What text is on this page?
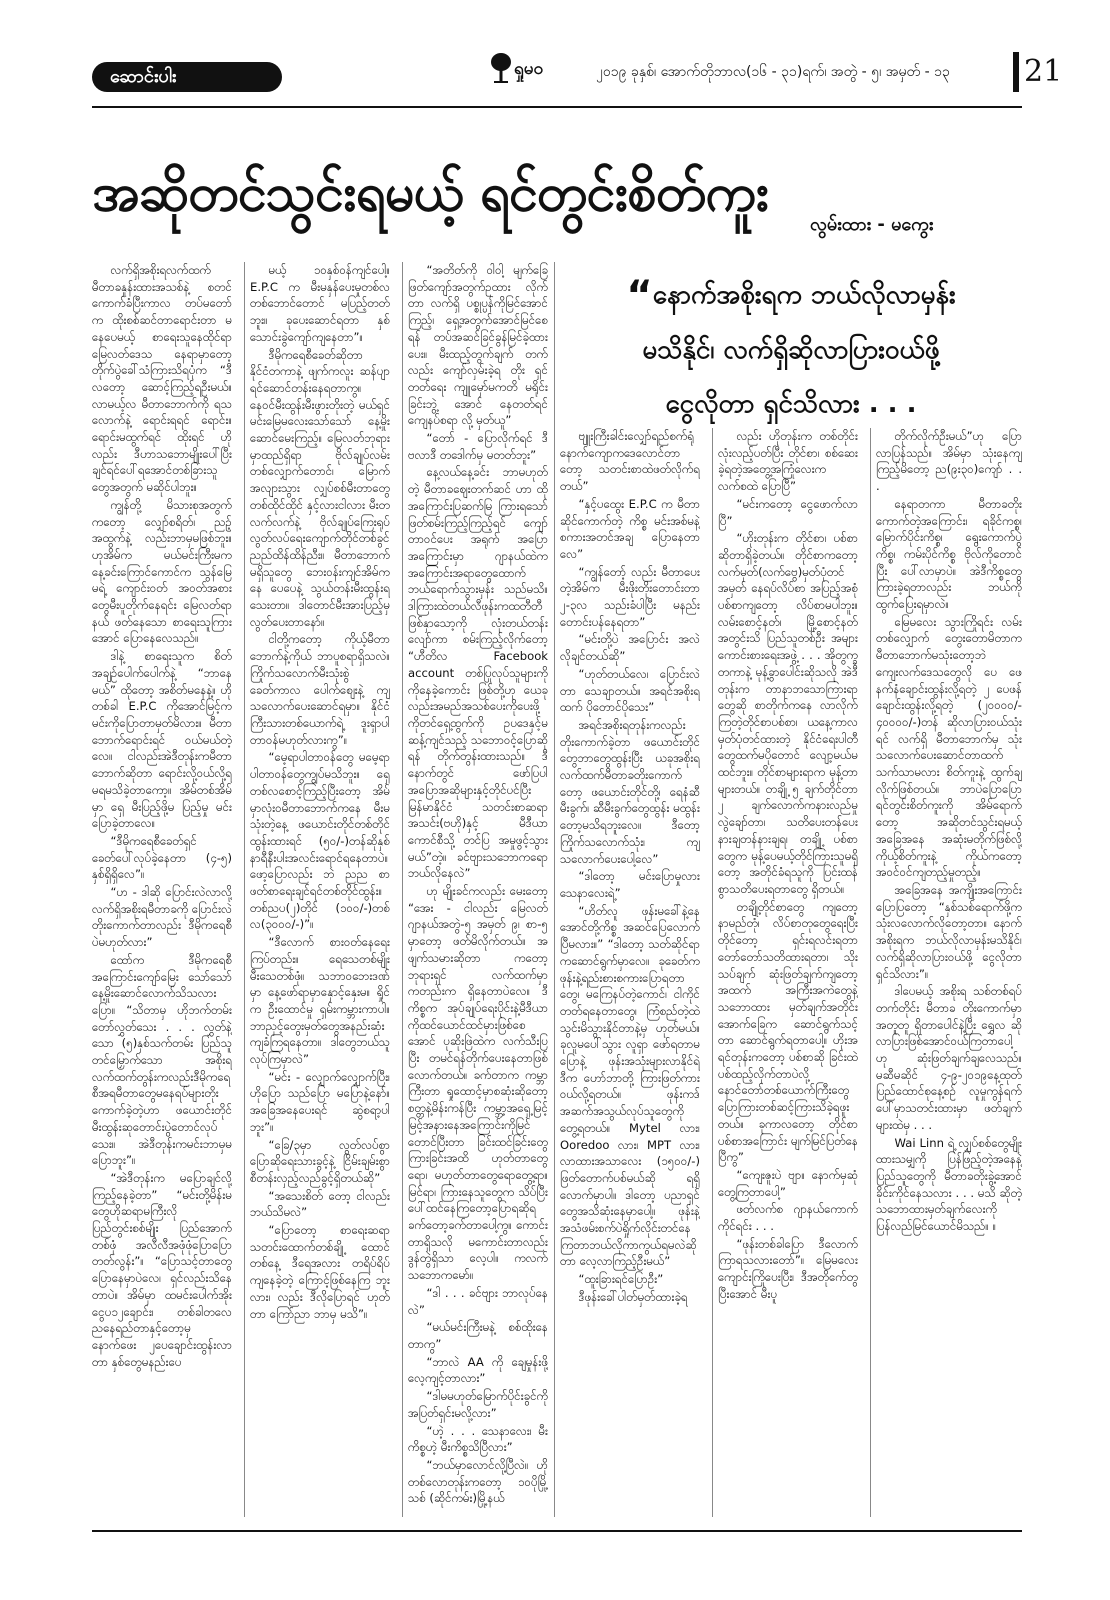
ဆောင်းပါး	ရှုမဝ	၂၀၁၉ ခုနှစ်၊ အောက်တိုဘာလ(၁၆ - ၃၁)ရက်၊ အတွဲ - ၅၊ အမှတ် - ၁၃ 21
အဆိုတင်သွင်းရမယ့် ရင်တွင်းစိတ်ကူး
လွမ်းထား - မကွေး
“နောက်အစိုးရက ဘယ်လိုလာမှန်း
မသိနိုင်၊ လက်ရှိဆိုလာပြားဝယ်ဖို့
ငွေလိုတာ ရှင်သိလား . . .

လက်ရှိအစိုးရလက်ထက် မီတာခနှုန်းထားအသစ်နဲ့ စတင်ကောက်ခံပြီးကာလ တပ်မတော်က ထိုးစစ်ဆင်တာရောင်းတာ မနေပေမယ့် စာရေးသူနေထိုင်ရာ မြေလတ်ဒေသ နေရာမှာတော့ တိုက်ပွဲခေါ်သံကြားသိရပုံက “ဒီလတော့ ဆောင့်ကြည့်ရဦးမယ်။ လာမယ့်လ မီတာဘောက်ကို ရသလောက်နဲ့ ရောင်းရရင် ရောင်း။ ရောင်းမထွက်ရင် ထိုးရင် ဟိုလည်း ဒီဟာသဘောမျိုးပေါ်ပြီး ချင်ရင်ပေါ်ရအောင်တစ်ခြားသူတွေအတွက် မဆိုင်ပါဘူး။

ကျွန်တို့ မိသားစုအတွက်ကတော့ လျှော်စရိတ်၊ ညဉ့်အထွက်နဲ့ လည်းဘာမှမဖြစ်ဘူး။ ဟုအိမ်က မယ်မင်းကြီးမက နေ့ခင်းကြောင်ကောင်က သွန်မြေမရဲ့ ကျောင်းဝတ် အဝတ်အစားတွေမီးပူတိုက်နေရင်း မြေလတ်ရာနယ် ဖတ်နေသော စာရေးသူကြားအောင် ပြောနေလေသည်။

ဒါနဲ့ စာရေးသူက စိတ်အချဉ်ပေါက်ပေါက်နဲ့ “ဘာနေမယ်” ထိုတော့ အစိတ်မနေနဲ့။ ဟိုတစ်ခါ E.P.C ကိုအောင်မြင့်က မင်းကိုပြောတာမှတ်မိလား။ မီတာဘောက်ရောင်းရင် ဝယ်မယ်တဲ့လေ။ ငါလည်းအဲဒီတုန်းကမီတာဘောက်ဆိုတာ ရောင်းလို့ဝယ်လို့ရမရမသိခဲ့တာကော့။ အိမ်တစ်အိမ်မှာ ရှေ မီးပြည့်ဖို့မ ပြည့်မှု မင်းပြောခဲ့တာလေ။

“ဒီမိုကရေစီခေတ်ရှင်ခေတ်ပေါ်လုပ်ခဲ့နေတာ (၄-၅) နှစ်ရှိရှိလေ”။

“ဟ - ဒါဆို ပြောင်းလဲလာလို့ လက်ရှိအစိုးရမီတာခကို ပြောင်းလဲတိုးကောက်တာလည်း ဒီမိုကရေစီပဲမဟုတ်လား”

ထော်က ဒီမိုကရေစီအကြောင်းကျော်မြေး သော်သော် နေ့မှိုးဆောင်လောက်သိသလားပြော။ “သိတာမှ ဟိုဘက်တမ်းတော်လွှတ်သေး . . . လွှတ်နဲ့သော (၅)နှစ်သက်တမ်း ပြည်သူတင်မြှောက်သော အစိုးရလက်ထက်တွန်းကလည်းဒီမိုကရေစီအရမီတာတွေမနေရပ်များတိုးကောက်ခဲ့တဲ့ဟာ ဖယောင်းတိုင်မီးထွန်းဆုတောင်းပွဲတောင်လုပ်သေး။ အဲဒီတုန်းကမင်းဘာမှမပြောဘူး”။

“အဲဒီတုန်းက မပြောချင်လို့ ကြည့်နေခဲ့တာ” “မင်းတို့မိန်းမတွေဟိုဆရာမကြီးလို ပြည်တွင်းစစ်မျိုး ပြည်အောက်တစ်ဖုံ အလီလီအဖုံဖုံပြောပြောတတ်လွန်း”။ “ပြောသင့်တာတွေပြောနေမှာပဲလေ၊ ရှင်လည်းသိနေတာပဲ။ အိမ်မှာ ထမင်းပေါက်အိုးငွေပ၁၂ချောင်း၊ တစ်ခါတလေညနေရည်တာနှင့်တော့မှနောက်ဖေး ၂ပေချောင်းထွန်းလာတာ နှစ်တွေမနည်းပေ

မယ့် ၁၀နှစ်ဝန်ကျင်ပေါ့။ E.P.C က မီးမနှန်ပေးမှုတစ်လတစ်ဘောင်တောင် မပြည့်တတ်ဘူး။ ခုပေးဆောင်ရတာ နှစ်သောင်းခွဲကျော်ကျနေတာ”။

ဒီမိုကရေစီခေတ်ဆိုတာ နိုင်ငံတကာနဲ့ ဖျက်ကလူး ဆန်ပျာရင်ဆောင်တန်းနေရတာကွ။ နေဝင်မီးထွန်းမီးဖွားတိုးတဲ့ မယ်ရှင် မင်းမြေမလေးသော်သော် နေ့မှိုးဆောင်မေးကြည့်။ မြေလတ်ဘုရားမှာထည်ရှိရာ ဗိုလ်ချုပ်လမ်းတစ်လျှောက်တောင်၊ မြောက် အလျားသွား လျှပ်စစ်မီးတာတွေ တစ်ထိုင်ထိုင် နှင့်လားငါလား မီးတလက်လက်နဲ့ ဗိုလ်ချုပ်ကြေးရုပ် လွတ်လပ်ရေးကျောက်တိုင်တစ်ခွင်ညည်ထိန်ထိန်ညီး။ မီတာဘောက်မရှိသူတွေ ဘေးဝန်းကျင်အိမ်ကနေ ပေပေနဲ့ သွယ်တန်းမီးထွန်းရသေးတာ။ ဒါတောင်မီးအားပြည့်မှ လွတ်ပေးတာနော်။

ငါတို့ကတော့ ကိုယ့်မီတာဘောက်နဲ့ကိုယ် ဘာပူစရာရှိသလဲ။ ကြိုက်သလောက်မီးသုံးစွဲ ခေတ်ကာလ ပေါက်စျေးနဲ့ ကျသလောက်ပေးဆောင်ရမှာ။ နိုင်ငံကြီးသားတစ်ယောက်ရဲ့ ဒူးရှာပါတာဝန်မဟုတ်လားကွ”။

“မေ့ရာပါတာဝန်တွေ မမေ့ရာပါတာဝန်တွေကျွပ်မသိဘူး။ ရှေ့တစ်လစောင့်ကြည့်ပြီးတော့ အိမ်မှာလုံးဝမီတာဘောက်ကနေ မီးမသုံးတဲ့နေ့ ဖယောင်းတိုင်တစ်တိုင်ထွန်းထားရင် (၅၀/-)တန်ဆိုနှစ်နာရီနီးပါးအလင်းရောင်ရနေတာပဲ။ ဖော့ပြောလည်း ဘဲ ညည စာဖတ်စာရေးချင်ရင်တစ်တိုင်ထွန်း။ တစ်ညပ(၂)တိုင် (၁၀၀/-)တစ်လ(၃၀၀၀/-)”။

“ဒီလောက် စားဝတ်နေရေးကြပ်တည်း။ ရေသေတစ်မျိုး မီးသေတစ်ဖုံ။ သဘာဝဘေးဒဏ်မှာ နေ့ဖော်ရာမှာနှောင့်နှေးမ။ ရှိုင်က ဦးထောင်မှု ရှမ်းကမ္ဘားကာပါ။ ဘာညှင့်တွေးမှတ်တွေအနည်းဆုံး ကျခံကြရနေတာ။ ဒါတွေဘယ်သူ လုပ်ကြမှာလဲ”

“မင်း - လျှောက်လျှောက်ပြီး၊ ဟိုပြော သည်ပြော မပြောနဲ့နော်။ အခြေအနေပေးရင် ဆွဲစရာ့ပါဘူး”။

“ခြေ/၃မှာ လွတ်လပ်စွာ ပြောဆိုရေးသားခွင့်နဲ့ ငြိမ်းချမ်းစွာ စီတန်းလှည့်လည်ခွင့်ရှိတယ်ဆို”

“အသေးစိတ် တော့ ငါလည်း ဘယ်သိမလဲ”

“ပြောတော့ စာရေးဆရာ သတင်းထောက်တစ်ချို့ ထောင်တစ်နေ့ ဒီရေအလား တရိပ်ရိပ်ကျနေခဲ့တဲ့ ကြောင့်ဖြစ်နေကြ ဘူးလား၊ လည်း ဒီလိုပြောရင် ဟုတ်တာ ကြော်ညာ ဘာမှ မသိ”။

“အတိတ်ကို ဝါဝါ့ မျက်ခြေ ဖြတ်ကျော်အတွက်ဥထား လိုက်တာ လက်ရှိ ပစ္စုပ္ပန်ကိုမြင်အောင်ကြည့်၊ ရှေ့အတွက်အောင်မြင်စေရန် တပ်အဆင်ခြင်ခွန်မြင်ခဲ့ထားပေး။ မီးထည့်တွက်ချက် တက်လည်း ကျော်လှမ်းခဲ့ရ တိုး ရှင်တတ်ရေး ကျူမှော်မကတိ မရိုင်းခြင်းဘွဲ့ အောင် နေတတ်ရင်ကျေနပ်စရာ လို့ မှတ်ယူ”

“တော် - ပြောလိုက်ရင် ဒီဗလာဒီ တဒေါက်မှ မတတ်ဘူး”

နေ့လယ်နေ့ခင်း ဘာမဟုတ်တဲ့ မီတာခဈေးတက်ဆင် ဟာ ထိုအကြောင်းပြဆက်မြ ကြားရသော် ဖြတ်စမ်းကြည့်ကြည့်ရင် ကျော်တာဝင်ပေး အရုက် အပြောအကြောင်းမှာ ဂျာနယ်ထဲကအကြောင်းအရာတွေထောက် ဘယ်ရောက်သွားမှန်း သည်မသိ။ ဒါကြားထဲတယ်လီဖုန်းကထတီတီ ဖြစ်နှာသော့ကို လုံးတယ်တန်းလျော်ကာ စမ်းကြည့်လိုက်တော့ “ဟီတိလ Facebook account တစ်ပြုလုပ်သူများကို ကိုနေခဲ့ကောင်း ဖြစ်တို့ဟု ယေခုလည်းအမည်အသစ်ပေးကိုပေးဖို့ ကိုတင်ရှေ့ထွက်ကို ဥပဒေနှင့်မဆန့်ကျင်သည့် သဘောဝင့်ပြောဆိုရန် တိုက်တွန်းထားသည်။ ဒီနောက်တွင် ဖော်ပြပါ အပြောအဆိုများနှင့်တိုင်ပင်ပြီး မြန်မာနိုင်ငံ သတင်းစာဆရာအသင်း(ဗဟို)နှင့် မီဒီယာ ကောင်စီသို့ တင်ပြ အမှုဖွင့်သွားမယ်”တဲ့။ ခင်ဗျားသဘောကရော ဘယ်လိုနေလဲ”

ဟု မျိုးခင်ကလည်း မေးတော့ “အေး - ငါလည်း မြေလတ်ဂျာနယ်အတွဲ-၅ အမှတ် ၉၊ စာ-၅ မှာတော့ ဖတ်မိလိုက်တယ်။ အဖျက်သမားဆိုတာ ကတော့ ဘုရားရှင် လက်ထက်မှာကတည်းက ရှိနေတာပဲလေ။ ဒီကိစ္စက အုပ်ချုပ်ရေးပိုင်းနဲ့မီဒီယာကိုထင်ယောင်ထင်မှားဖြစ်စေအောင် ပုဆိုးဖြဲထဲက လက်သီးပြပြီး တမင်ရန်တိုက်ပေးနေတာဖြစ် လောက်တယ်။ ခက်တာက ကမ္ဘာကြီးတာ ရှုထောင့်မှာစဆုံးဆိုတော့ စတ္တနဲ့မိန်းကန်ပြီး ကမ္ဘာ့အရှေ့မြင့်မြင့်အနားနေအကြောင်းကိုမြင်တောင်ပြီးတာ ခြင်းထင်ခြင်းတွေကြားခြင်းအထိ ဟုတ်တာတွေရော၊ မဟုတ်တာတွေရောတွေ့ရာ။ မြင်ရာ၊ ကြားနေသူတွေက သိပ်ပြီးပေါ်ထင်နေကြတော့ပြောရဆိုရ ခက်တော့ခက်တာပေါ့ကွ။ ကောင်းတာရှိသလို မကောင်းတာလည်း ဒွန်တွဲရှိသာ လေ့ပါ။ ကလက် သဘောကမော်။

“ဒါ . . . ခင်ဗျား ဘာလုပ်နေလဲ”

“မယ်မင်းကြီးမနဲ့ စစ်ထိုးနေတာကွ”

“ဘာလဲ AA ကို ချေမှုန်းဖို့လေ့ကျင့်တာလား”

“ဒါမမဟုတ်မြောက်ပိုင်းခွင်ကို အပြတ်ရှင်းမလို့လား”

“ဟဲ့ . . . သေနာလေး၊ မီးကိစ္စဟဲ့ မီးကိစ္စသိပြီလား”

“ဘယ်မှာလောင်လို့ပြီလဲ။ ဟိုတစ်လောတုန်းကတော့ ၁၀ပိုမြို့သစ် (ဆိုင်ကမ်း)မြို့နယ်

ဗျူးကြီးခါင်းလျှော်ရည်စက်ရုံ နောက်ကျောကဒေလောင်တာ တော့ သတင်းစာထဲဖတ်လိုက်ရတယ်”

“နှင့်ပထွေး E.P.C က မီတာဆိုင်ကောက်တဲ့ ကိစ္စ မင်းအစ်မနဲ့ စကားအတင်အချ ပြောနေတာလေ”

“ကျွန်တော့် လည်း မီတာပေးတဲ့အိမ်က မီးဖိုးတိုးတောင်းတာ ၂-၃လ သည်းခံပါပြီး မနည်းတောင်းပန်နေရတာ”

“မင်းတို့ပဲ အပြောင်း အလဲလိုချင်တယ်ဆို”

“ဟုတ်တယ်လေ၊ ပြောင်းလဲတာ သေချာတယ်။ အရင်အစိုးရထက် ပိုတောင်ပိုသေး”

အရင်အစိုးရတုန်းကလည်း တိုးကောက်ခဲ့တာ ဖယောင်းတိုင်တွေဘာတွေထွန်းပြီး ယခုအစိုးရလက်ထက်မီတာခတိုးကောက်တော့ ဖယောင်းတိုင်တို့၊ ရေနံဆီမီးခွက်၊ ဆီမီးခွက်တွေထွန်း မထွန်းတော့မသိရဘူးလေ။ ဒီတော့ ကြိုက်သလောက်သုံး၊ ကျသလောက်ပေးပေါ့လေ”

“ဒါတော့ မင်းပြောမှုလား သေနာလေးရဲ့”

“ဟိတ်လူ ဖုန်းမခေါ်နဲ့နေအောင်တို့ကိစ္စ အဆင်ပြေလောက်ပြီမလား။” “ဒါတော့ သတ်ဆိုင်ရာကဆောင်ရွက်မှာလေ။ ခုခေတ်ကဖုန်းနဲ့ရည်းစားစကားပြောရတာတွေ၊ မကြေနပ်တဲ့ကောင်၊ ငါကိုင်တတ်ရနေတာတွေ၊ ကြံစည်တဲ့ထဲသွင်းမိသွားနိုင်တာနဲ့မှ ဟုတ်မယ်။ ခုလူမပေါ်သွား လူရှာ ဖော်ရတာမပြောနဲ့ ဖုန်းအသုံးများလာနိုင်ရဲ့ ဒီက ဟော်ဘာတို့ ကြားဖြတ်ကားဝယ်လို့ရတယ်။ ဖုန်းကဒ်အဆက်အသွယ်လုပ်သူတွေကို တွေ့ရတယ်။ Mytel လား၊ Ooredoo လား၊ MPT လား၊ လာထားအသာလေး (၁၅၀၀/-) ဖြတ်တောက်ပစ်မယ်ဆို ရရှိလောက်မှာပါ။ ဒါတော့ ပညာရှင်တွေအသိဆုံးနေမှာပေါ့။ ဖုန်းနဲ့အသံဖမ်းစက်ပဲရှိုက်လိုင်းတင်နေကြတာဘယ်လိုကာကွယ်ရမလဲဆိုတာ လေ့လာကြည့်ဦးမယ်”

“ထူးခြားရင်ပြောဦး”

ဒီဖုန်းခေါ်ပါတ်မှတ်ထားခဲ့ရ

လည်း ဟိုတုန်းက တစ်တိုင်းလုံးလည့်ပတ်ပြီး တိုင်စာ၊ စစ်ဆေးခဲ့ရတဲ့အတွေ့အကြုံလေးက လက်စထဲ ပြောပြီ”

“မင်းကတော့ ငွေဖောက်လာပြီ”

“ဟိုးတုန်းက တိုင်စာ၊ ပစ်စာဆိုတာရှိခဲ့တယ်။ တိုင်စာကတော့ လက်မှတ်(လက်ဗွေ)မှတ်ပုံတင်အမှတ် နေရပ်လိပ်စာ အပြည့်အစုံပစ်စာကျတော့ လိပ်စာမပါဘူး။ လမ်းစောင့်နတ်၊ မြို့စောင့်နတ်အတွင်းသိ ပြည်သူတစ်ဦး အများကောင်းစားရေးအဖွဲ့ . . . အိုတွက္ခတကာနဲ့ မုန့်ခွာပေါင်းဆိုသလို အဲဒီတုန်းက တာနာဘသောကြားရာတွေဆို စာတိုက်ကနေ လာလိုက်ကြတဲ့တိုင်စာပစ်စာ၊ ယနေ့ကာလ မှတ်ပုံတင်ထားတဲ့ နိုင်ငံရေးပါတီတွေထက်မပိုတောင် လျော့မယ်မထင်ဘူး။ တိုင်စာများရာက မုန့်တာများတယ်။ တချို့ ၅ ချက်တိုင်တာ ၂ ချက်လောက်ကနားလည်မှုလွဲချော်တာ၊ သတိပေးတန်ပေး နားချတန်နားချရ၊ တချို့ ပစ်စာတွေက မုန့်ပေမယ့်တိုင်ကြားသူမရှိတော့ အတိုင်ခံရသူကို ပြင်းထန်စွာသတိပေးရတာတွေ ရှိတယ်။

တချို့တိုင်စာတွေ ကျတော့ နာမည်တုံ၊ လိပ်စာတုတွေရေးပြီး တိုင်တော့ ရှင်းရလင်းရတာ တော်တော်သတိထားရတာ၊ သိုးသပ်ချက် ဆုံးဖြတ်ချက်ကျတော့ အထက် အကြီးအကဲတွေနဲ့ သဘောထား မှတ်ချက်အတိုင်း အောက်ခြေက ဆောင်ရွက်သင့်တာ ဆောင်ရွက်ရတာပေါ့။ ဟိုးအရင်တုန်းကတော့ ပစ်စာဆို ခြင်းထဲပစ်ထည့်လိုက်တာပဲလို့ နောင်တော်တစ်ယောက်ကြီးတွေ ပြောကြားတစ်ဆင့်ကြားသိခဲ့ရဖူးတယ်။ ခုကာလတော့ တိုင်စာ ပစ်စာအကြောင်း မျက်မြင်ပြတ်နေပြီကွ”

“ကျေးဇူးပဲ ဗျာ။ နောက်မှဆုံတွေ့ကြတာပေါ့”

ဖတ်လက်စ ဂျာနယ်ကောက်ကိုင်ရင်း . . .

“ဖုန်းတစ်ခါပြော ဒီလောက်ကြာရသလားတော်”။ မြေမလေး ကျောင်းကြိုပေးပြီး၊ ဒီအတိုက်ေတွပြီးအောင် မီးပူ

တိုက်လိုက်ဦးမယ်”ဟု ပြောလာပြန်သည်။ အိမ်မှာ သုံးနေကျ ကြည့်မိတော့ ည(၉း၃၀)ကျော် . . .

နေရာတကာ မီတာခတိုးကောက်တဲ့အကြောင်း၊ ရခိုင်ကစ္စ၊ မြောက်ပိုင်းကိစ္စ၊ ရွေးကောက်ပွဲကိစ္စ၊ ကမ်းပိုင်ကိစ္စ ဗိုလ်ကိုတောင်ပြီး ပေါ်လာမှာပဲ။ အဲဒီကိစ္စတွေ ကြားခဲ့ရတာလည်း ဘယ်ကိုထွက်ပြေးရမှာလဲ။

မြေမလေး သွားကြိုရင်း လမ်းတစ်လျှောက် တွေးတောမိတာက မီတာဘောက်မသုံးတော့ဘဲ ကျေးလက်ဒေသတွေလို ပေ ဖေနက်နံချောင်းထွန်းလို့ရတဲ့ ၂ ပေဖန်ချောင်းထွန်းလို့ရတဲ့ (၂၀၀၀၀/- ၄၀၀၀၀/-)တန် ဆိုလာပြားဝယ်သုံးရင် လက်ရှိ မီတာဘောက်မှ သုံးသလောက်ပေးဆောင်တာထက် သက်သာမလား စိတ်ကူးနဲ့ ထွက်ချလိုက်ဖြစ်တယ်။ ဘာပဲပြောပြော ရင်တွင်းစိတ်ကူးကို အိမ်ရောက်တော့ အဆိုတင်သွင်းရမယ့်အခြေအနေ အဆုံးမတိုက်ဖြစ်လို့ကိုယ့်စိတ်ကူးနဲ့ ကိုယ်ကတော့ အဝင်ဝင်ကျတည့်မှုတည့်။

အခြေအနေ အကျိုးအကြောင်းပြောပြတော့ “နှစ်သစ်ရောက်ဖို့က သုံးလလောက်လိုတော့တာ။ နောက်အစိုးရက ဘယ်လိုလာမှန်းမသိနိုင်၊ လက်ရှိဆိုလာပြားဝယ်ဖို့ ငွေလိုတာ ရှင်သိလား”။

ဒါပေမယ့် အစိုးရ သစ်တစ်ရပ်တက်တိုင်း မီတာခ တိုးကောက်မှာအတူတူ ရှိတာပေါင်နဲ့ပြီး ရွှေလ ဆိုလာပြားဖြစ်အောင်ဝယ်ကြတာပေါ့ ဟု ဆုံးဖြတ်ချက်ချလေသည်။ မဆီမဆိုင် ၄-၉-၂၀၁၉နေ့ထုတ် ပြည်ထောင်စုနေ့စဉ် လူမှုကွန်ရက်ပေါ်မှာသတင်းထားမှာ ဖတ်ချက်များထဲမှ . . .

Wai Linn ရဲ့ လျှပ်စစ်တွေမျိုးထားသမျှကို ပြန်ဖြည့်တဲ့အနေနဲ့ ပြည်သူတွေကို မီတာခတိုးခွဲ့အောင် ခိုင်းကိုင်နေသလား . . . မသိ ဆိုတဲ့ သဘောထားမှတ်ချက်လေးကို ပြန်လည်မြင်ယောင်မိသည်။ ။
